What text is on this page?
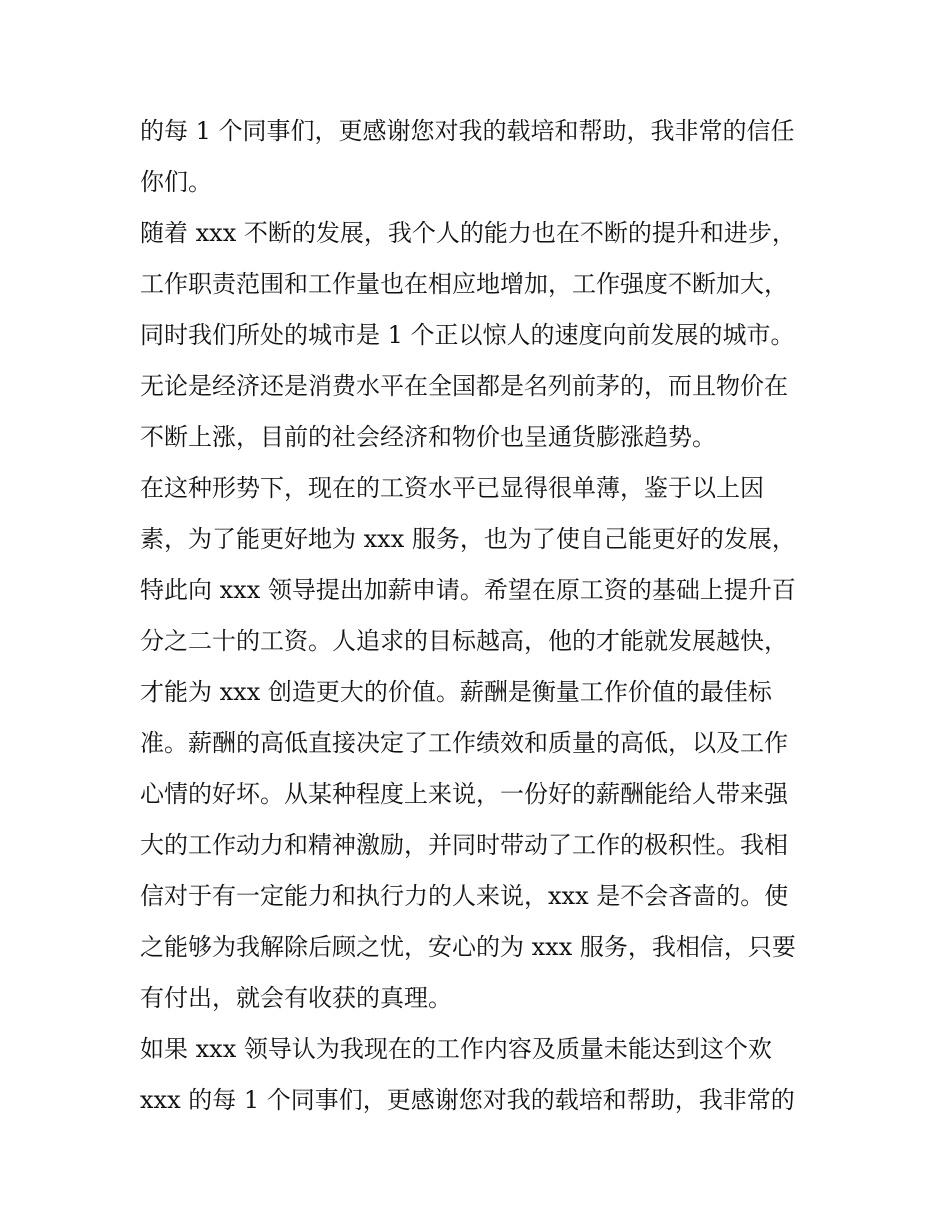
的每 1 个同事们，更感谢您对我的载培和帮助，我非常的信任
你们。
随着 xxx 不断的发展，我个人的能力也在不断的提升和进步，
工作职责范围和工作量也在相应地增加，工作强度不断加大，
同时我们所处的城市是 1 个正以惊人的速度向前发展的城市。
无论是经济还是消费水平在全国都是名列前茅的，而且物价在
不断上涨，目前的社会经济和物价也呈通货膨涨趋势。
在这种形势下，现在的工资水平已显得很单薄，鉴于以上因
素，为了能更好地为 xxx 服务，也为了使自己能更好的发展，
特此向 xxx 领导提出加薪申请。希望在原工资的基础上提升百
分之二十的工资。人追求的目标越高，他的才能就发展越快，
才能为 xxx 创造更大的价值。薪酬是衡量工作价值的最佳标
准。薪酬的高低直接决定了工作绩效和质量的高低，以及工作
心情的好坏。从某种程度上来说，一份好的薪酬能给人带来强
大的工作动力和精神激励，并同时带动了工作的极积性。我相
信对于有一定能力和执行力的人来说，xxx 是不会吝啬的。使
之能够为我解除后顾之忧，安心的为 xxx 服务，我相信，只要
有付出，就会有收获的真理。
如果 xxx 领导认为我现在的工作内容及质量未能达到这个欢
xxx 的每 1 个同事们，更感谢您对我的载培和帮助，我非常的
